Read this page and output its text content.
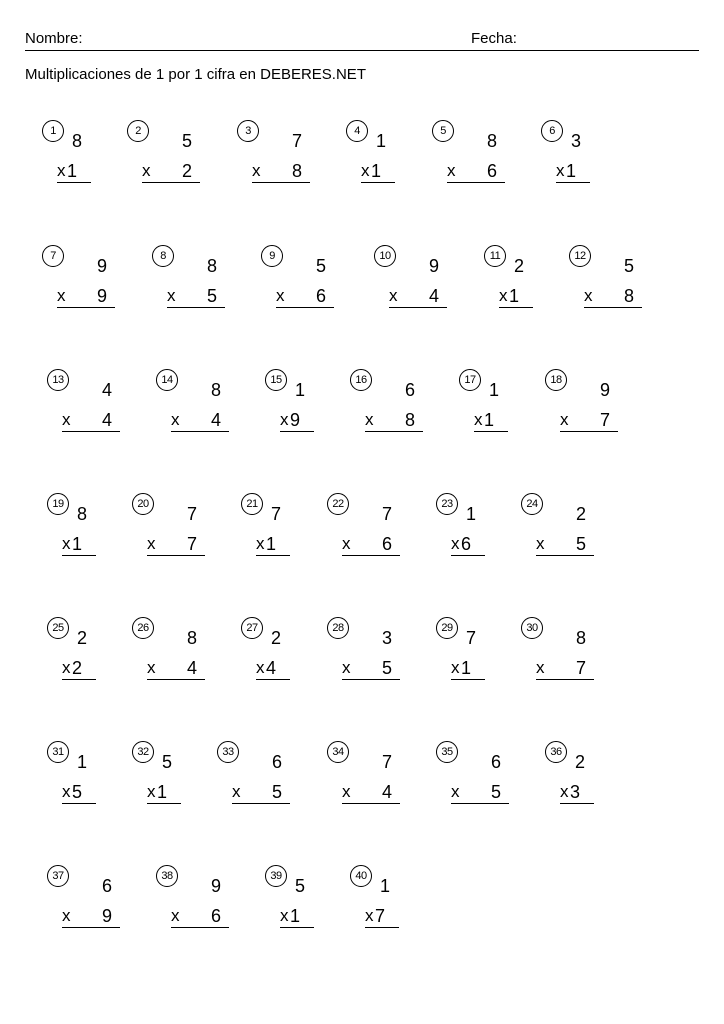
Nombre:	Fecha:
Multiplicaciones de 1 por 1 cifra en DEBERES.NET
1 8
x 1
2	5
x 2
3	7
x 8
4 1
x 1
5	8
x 6
6 3
x 1
7	9
x 9
8	8
x 5
9	5
x 6
10 9
x 4
11 2
x 1
12 5
x 8
13 4
x 4
14 8
x 4
15 1
x 9
16 6
x 8
17 1
x 1
18 9
x 7
19 8
x 1
20 7
x 7
21 7
x 1
22 7
x 6
23 1
x 6
24 2
x 5
25 2
x 2
26 8
x 4
27 2
x 4
28 3
x 5
29 7
x 1
30 8
x 7
31 1
x 5
32 5
x 1
33 6
x 5
34 7
x 4
35 6
x 5
36 2
x 3
37 6
x 9
38 9
x 6
39 5
x 1
40 1
x 7
